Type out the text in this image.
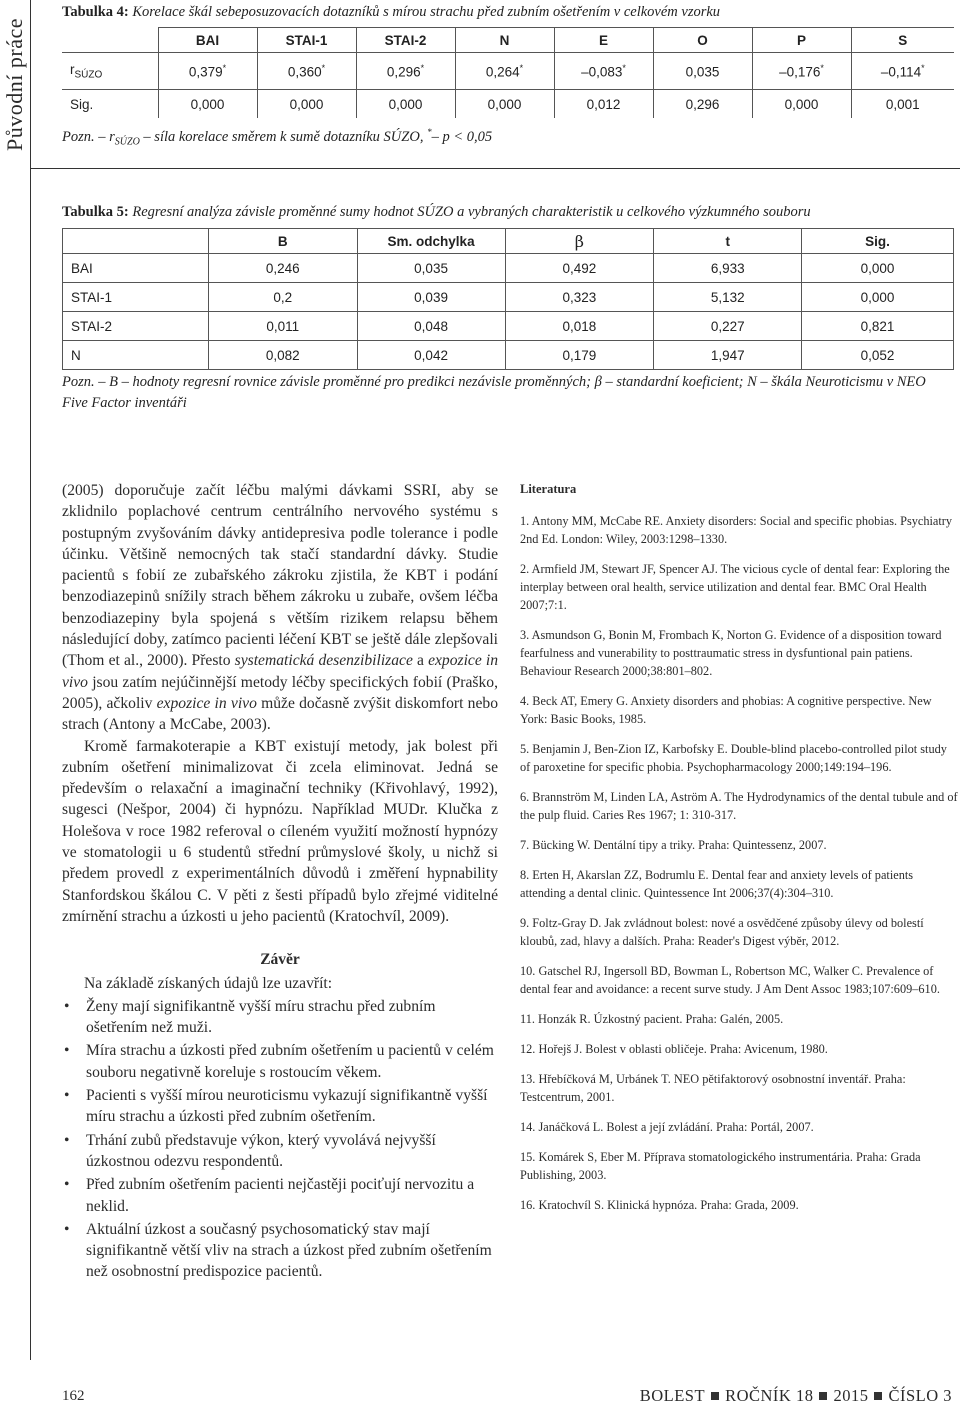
Původní práce
Tabulka 4: Korelace škál sebeposuzovacích dotazníků s mírou strachu před zubním ošetřením v celkovém vzorku
	BAI	STAI-1	STAI-2	N	E	O	P	S
$r_{SÚZO}$	0,379*	0,360*	0,296*	0,264*	–0,083*	0,035	–0,176*	–0,114*
Sig.	0,000	0,000	0,000	0,000	0,012	0,296	0,000	0,001
Pozn. – $r_{SÚZO}$ – síla korelace směrem k sumě dotazníku SÚZO, *– p < 0,05
Tabulka 5: Regresní analýza závisle proměnné sumy hodnot SÚZO a vybraných charakteristik u celkového výzkumného souboru
	B	Sm. odchylka	β	t	Sig.
BAI	0,246	0,035	0,492	6,933	0,000
STAI-1	0,2	0,039	0,323	5,132	0,000
STAI-2	0,011	0,048	0,018	0,227	0,821
N	0,082	0,042	0,179	1,947	0,052
Pozn. – B – hodnoty regresní rovnice závisle proměnné pro predikci nezávisle proměnných; β – standardní koeficient; N – škála Neuroticismu v NEO Five Factor inventáři

(2005) doporučuje začít léčbu malými dávkami SSRI, aby se zklidnilo poplachové centrum centrálního nervového systému s postupným zvyšováním dávky antidepresiva podle tolerance i podle účinku. Většině nemocných tak stačí standardní dávky. Studie pacientů s fobií ze zubařského zákroku zjistila, že KBT i podání benzodiazepinů snížily strach během zákroku u zubaře, ovšem léčba benzodiazepiny byla spojená s větším rizikem relapsu během následující doby, zatímco pacienti léčení KBT se ještě dále zlepšovali (Thom et al., 2000). Přesto systematická desenzibilizace a expozice in vivo jsou zatím nejúčinnější metody léčby specifických fobií (Praško, 2005), ačkoliv expozice in vivo může dočasně zvýšit diskomfort nebo strach (Antony a McCabe, 2003).

Kromě farmakoterapie a KBT existují metody, jak bolest při zubním ošetření minimalizovat či zcela eliminovat. Jedná se především o relaxační a imaginační techniky (Křivohlavý, 1992), sugesci (Nešpor, 2004) či hypnózu. Například MUDr. Klučka z Holešova v roce 1982 referoval o cíleném využití možností hypnózy ve stomatologii u 6 studentů střední průmyslové školy, u nichž si předem provedl z experimentálních důvodů i změření hypnability Stanfordskou škálou C. V pěti z šesti případů bylo zřejmé viditelné zmírnění strachu a úzkosti u jeho pacientů (Kratochvíl, 2009).

Závěr

Na základě získaných údajů lze uzavřít:

• Ženy mají signifikantně vyšší míru strachu před zubním ošetřením než muži.
• Míra strachu a úzkosti před zubním ošetřením u pacientů v celém souboru negativně koreluje s rostoucím věkem.
• Pacienti s vyšší mírou neuroticismu vykazují signifikantně vyšší míru strachu a úzkosti před zubním ošetřením.
• Trhání zubů představuje výkon, který vyvolává nejvyšší úzkostnou odezvu respondentů.
• Před zubním ošetřením pacienti nejčastěji pociťují nervozitu a neklid.
• Aktuální úzkost a současný psychosomatický stav mají signifikantně větší vliv na strach a úzkost před zubním ošetřením než osobnostní predispozice pacientů.
Literatura
1. Antony MM, McCabe RE. Anxiety disorders: Social and specific phobias. Psychiatry 2nd Ed. London: Wiley, 2003:1298–1330.
2. Armfield JM, Stewart JF, Spencer AJ. The vicious cycle of dental fear: Exploring the interplay between oral health, service utilization and dental fear. BMC Oral Health 2007;7:1.
3. Asmundson G, Bonin M, Frombach K, Norton G. Evidence of a disposition toward fearfulness and vunerability to posttraumatic stress in dysfuntional pain patiens. Behaviour Research 2000;38:801–802.
4. Beck AT, Emery G. Anxiety disorders and phobias: A cognitive perspective. New York: Basic Books, 1985.
5. Benjamin J, Ben-Zion IZ, Karbofsky E. Double-blind placebo-controlled pilot study of paroxetine for specific phobia. Psychopharmacology 2000;149:194–196.
6. Brannström M, Linden LA, Aström A. The Hydrodynamics of the dental tubule and of the pulp fluid. Caries Res 1967; 1: 310-317.
7. Bücking W. Dentální tipy a triky. Praha: Quintessenz, 2007.
8. Erten H, Akarslan ZZ, Bodrumlu E. Dental fear and anxiety levels of patients attending a dental clinic. Quintessence Int 2006;37(4):304–310.
9. Foltz-Gray D. Jak zvládnout bolest: nové a osvědčené způsoby úlevy od bolestí kloubů, zad, hlavy a dalších. Praha: Reader's Digest výběr, 2012.
10. Gatschel RJ, Ingersoll BD, Bowman L, Robertson MC, Walker C. Prevalence of dental fear and avoidance: a recent surve study. J Am Dent Assoc 1983;107:609–610.
11. Honzák R. Úzkostný pacient. Praha: Galén, 2005.
12. Hořejš J. Bolest v oblasti obličeje. Praha: Avicenum, 1980.
13. Hřebíčková M, Urbánek T. NEO pětifaktorový osobnostní inventář. Praha: Testcentrum, 2001.
14. Janáčková L. Bolest a její zvládání. Praha: Portál, 2007.
15. Komárek S, Eber M. Příprava stomatologického instrumentária. Praha: Grada Publishing, 2003.
16. Kratochvíl S. Klinická hypnóza. Praha: Grada, 2009.
162	BOLEST ROČNÍK 18 2015 ČÍSLO 3
